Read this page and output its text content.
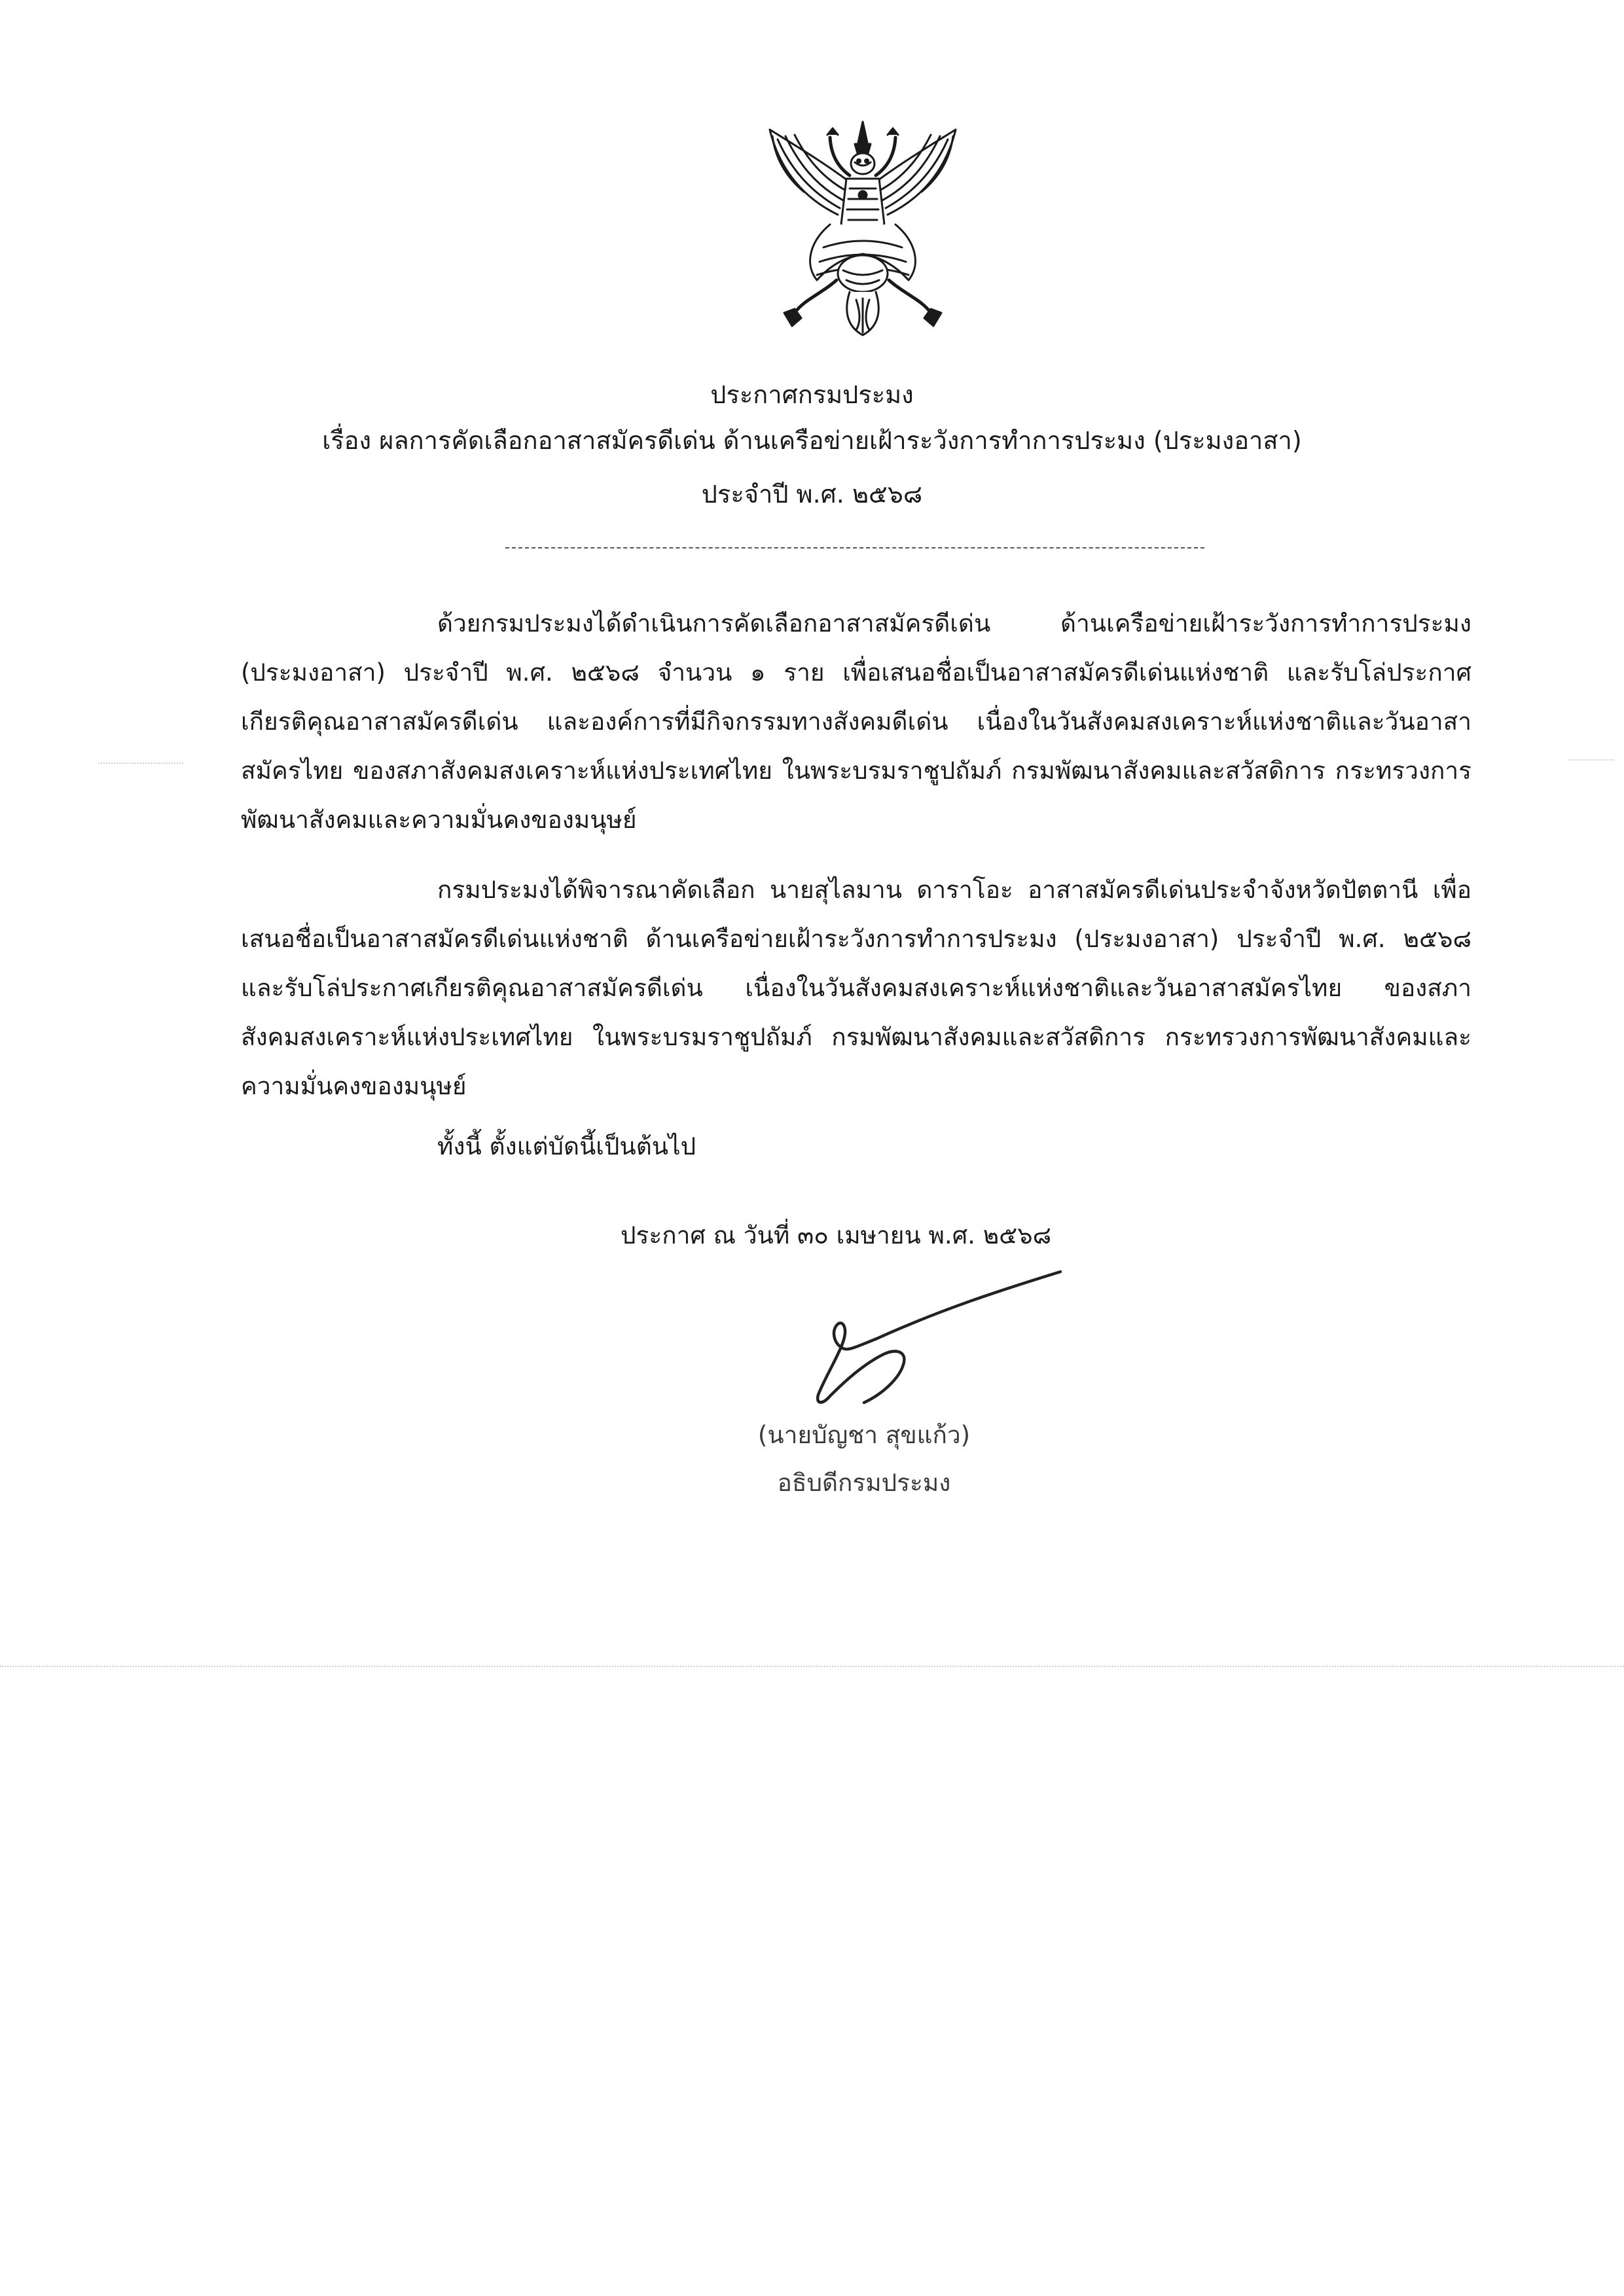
ประกาศกรมประมง
เรื่อง ผลการคัดเลือกอาสาสมัครดีเด่น ด้านเครือข่ายเฝ้าระวังการทำการประมง (ประมงอาสา)
ประจำปี พ.ศ. ๒๕๖๘

ด้วยกรมประมงได้ดำเนินการคัดเลือกอาสาสมัครดีเด่น ด้านเครือข่ายเฝ้าระวังการทำการประมง (ประมงอาสา) ประจำปี พ.ศ. ๒๕๖๘ จำนวน ๑ ราย เพื่อเสนอชื่อเป็นอาสาสมัครดีเด่นแห่งชาติ และรับโล่ประกาศเกียรติคุณอาสาสมัครดีเด่น และองค์การที่มีกิจกรรมทางสังคมดีเด่น เนื่องในวันสังคมสงเคราะห์แห่งชาติและวันอาสาสมัครไทย ของสภาสังคมสงเคราะห์แห่งประเทศไทย ในพระบรมราชูปถัมภ์ กรมพัฒนาสังคมและสวัสดิการ กระทรวงการพัฒนาสังคมและความมั่นคงของมนุษย์

กรมประมงได้พิจารณาคัดเลือก นายสุไลมาน ดาราโอะ อาสาสมัครดีเด่นประจำจังหวัดปัตตานี เพื่อเสนอชื่อเป็นอาสาสมัครดีเด่นแห่งชาติ ด้านเครือข่ายเฝ้าระวังการทำการประมง (ประมงอาสา) ประจำปี พ.ศ. ๒๕๖๘ และรับโล่ประกาศเกียรติคุณอาสาสมัครดีเด่น เนื่องในวันสังคมสงเคราะห์แห่งชาติและวันอาสาสมัครไทย ของสภาสังคมสงเคราะห์แห่งประเทศไทย ในพระบรมราชูปถัมภ์ กรมพัฒนาสังคมและสวัสดิการ กระทรวงการพัฒนาสังคมและความมั่นคงของมนุษย์

ทั้งนี้ ตั้งแต่บัดนี้เป็นต้นไป
ประกาศ ณ วันที่ ๓๐ เมษายน พ.ศ. ๒๕๖๘
(นายบัญชา สุขแก้ว)
อธิบดีกรมประมง
